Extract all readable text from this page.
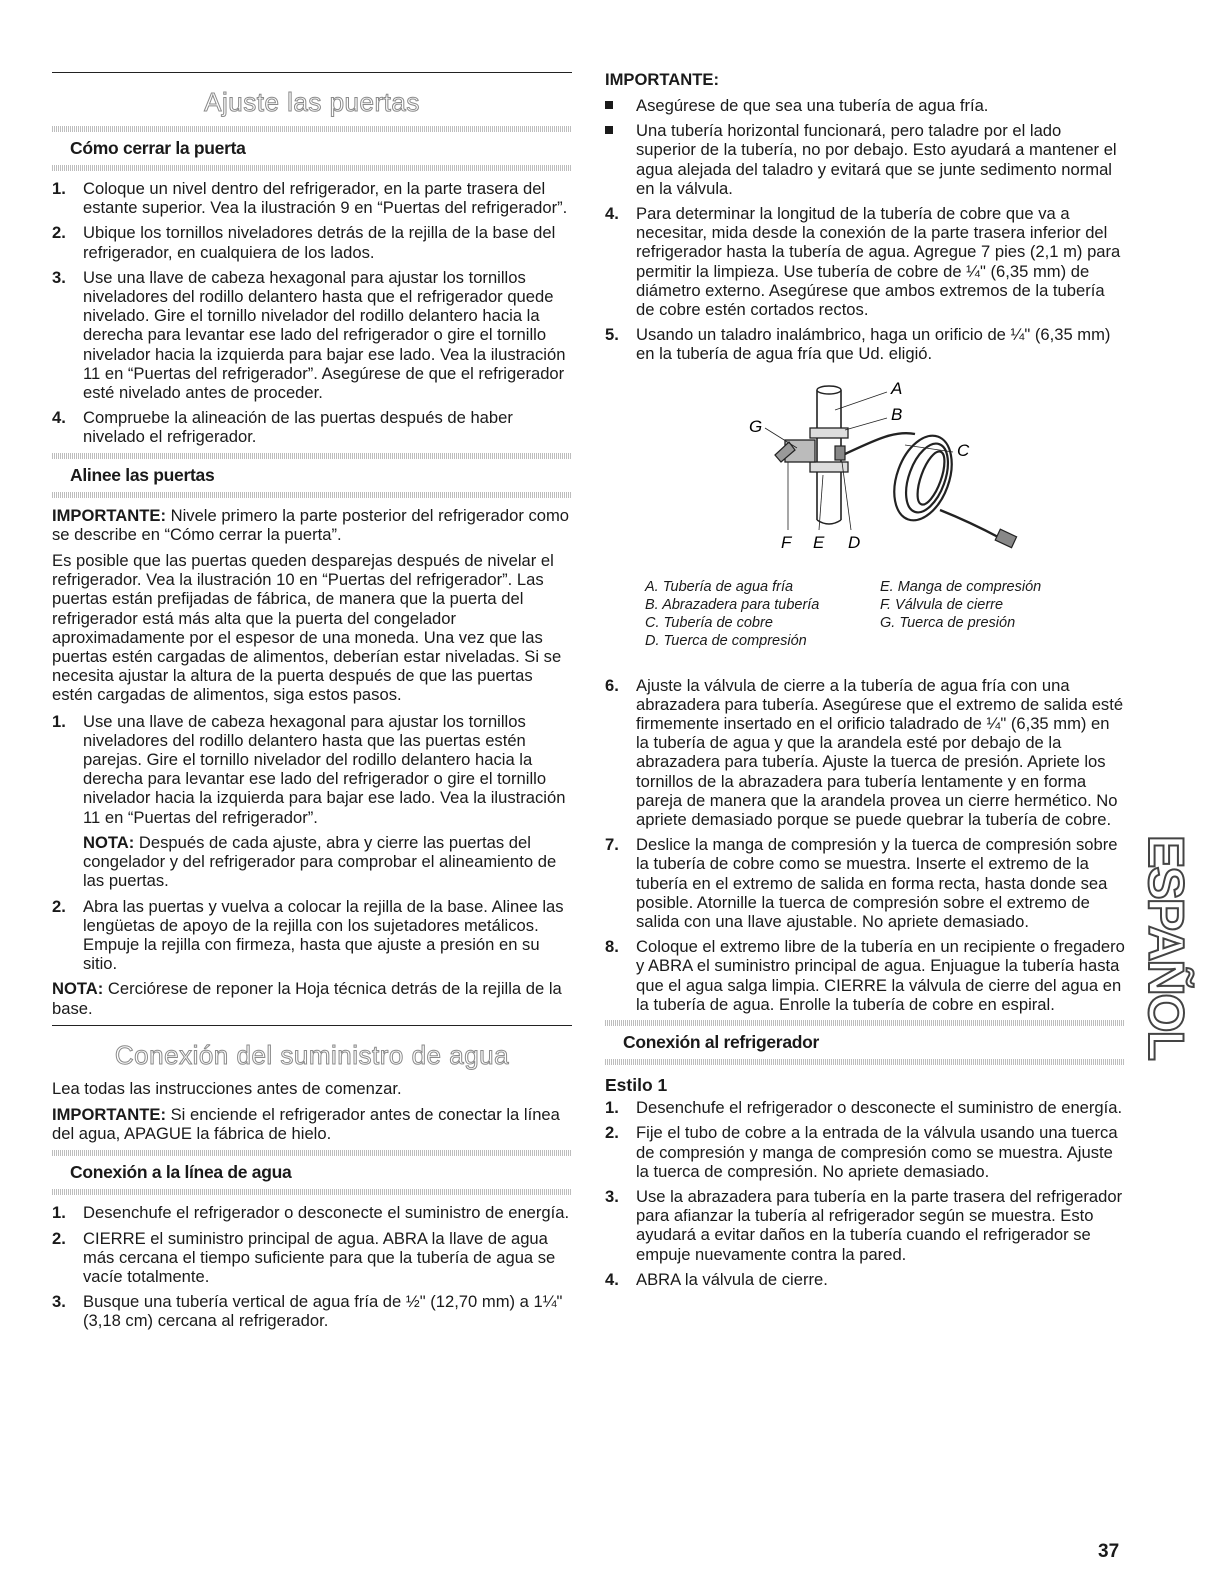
Ajuste las puertas
Cómo cerrar la puerta
1. Coloque un nivel dentro del refrigerador, en la parte trasera del estante superior. Vea la ilustración 9 en “Puertas del refrigerador”.
2. Ubique los tornillos niveladores detrás de la rejilla de la base del refrigerador, en cualquiera de los lados.
3. Use una llave de cabeza hexagonal para ajustar los tornillos niveladores del rodillo delantero hasta que el refrigerador quede nivelado. Gire el tornillo nivelador del rodillo delantero hacia la derecha para levantar ese lado del refrigerador o gire el tornillo nivelador hacia la izquierda para bajar ese lado. Vea la ilustración 11 en “Puertas del refrigerador”. Asegúrese de que el refrigerador esté nivelado antes de proceder.
4. Compruebe la alineación de las puertas después de haber nivelado el refrigerador.
Alinee las puertas

IMPORTANTE: Nivele primero la parte posterior del refrigerador como se describe en “Cómo cerrar la puerta”.

Es posible que las puertas queden desparejas después de nivelar el refrigerador. Vea la ilustración 10 en “Puertas del refrigerador”. Las puertas están prefijadas de fábrica, de manera que la puerta del refrigerador está más alta que la puerta del congelador aproximadamente por el espesor de una moneda. Una vez que las puertas estén cargadas de alimentos, deberían estar niveladas. Si se necesita ajustar la altura de la puerta después de que las puertas estén cargadas de alimentos, siga estos pasos.

1. Use una llave de cabeza hexagonal para ajustar los tornillos niveladores del rodillo delantero hasta que las puertas estén parejas. Gire el tornillo nivelador del rodillo delantero hacia la derecha para levantar ese lado del refrigerador o gire el tornillo nivelador hacia la izquierda para bajar ese lado. Vea la ilustración 11 en “Puertas del refrigerador”.
NOTA: Después de cada ajuste, abra y cierre las puertas del congelador y del refrigerador para comprobar el alineamiento de las puertas.
2. Abra las puertas y vuelva a colocar la rejilla de la base. Alinee las lengüetas de apoyo de la rejilla con los sujetadores metálicos. Empuje la rejilla con firmeza, hasta que ajuste a presión en su sitio.

NOTA: Cerciórese de reponer la Hoja técnica detrás de la rejilla de la base.

Conexión del suministro de agua

Lea todas las instrucciones antes de comenzar.

IMPORTANTE: Si enciende el refrigerador antes de conectar la línea del agua, APAGUE la fábrica de hielo.

Conexión a la línea de agua
1. Desenchufe el refrigerador o desconecte el suministro de energía.
2. CIERRE el suministro principal de agua. ABRA la llave de agua más cercana el tiempo suficiente para que la tubería de agua se vacíe totalmente.
3. Busque una tubería vertical de agua fría de ½" (12,70 mm) a 1¼" (3,18 cm) cercana al refrigerador.
IMPORTANTE:
Asegúrese de que sea una tubería de agua fría.
Una tubería horizontal funcionará, pero taladre por el lado superior de la tubería, no por debajo. Esto ayudará a mantener el agua alejada del taladro y evitará que se junte sedimento normal en la válvula.
4. Para determinar la longitud de la tubería de cobre que va a necesitar, mida desde la conexión de la parte trasera inferior del refrigerador hasta la tubería de agua. Agregue 7 pies (2,1 m) para permitir la limpieza. Use tubería de cobre de ¼" (6,35 mm) de diámetro externo. Asegúrese que ambos extremos de la tubería de cobre estén cortados rectos.
5. Usando un taladro inalámbrico, haga un orificio de ¼" (6,35 mm) en la tubería de agua fría que Ud. eligió.
A
B
C
D
E
F
G
A. Tubería de agua fría
B. Abrazadera para tubería
C. Tubería de cobre
D. Tuerca de compresión
E. Manga de compresión
F. Válvula de cierre
G. Tuerca de presión
6. Ajuste la válvula de cierre a la tubería de agua fría con una abrazadera para tubería. Asegúrese que el extremo de salida esté firmemente insertado en el orificio taladrado de ¼" (6,35 mm) en la tubería de agua y que la arandela esté por debajo de la abrazadera para tubería. Ajuste la tuerca de presión. Apriete los tornillos de la abrazadera para tubería lentamente y en forma pareja de manera que la arandela provea un cierre hermético. No apriete demasiado porque se puede quebrar la tubería de cobre.
7. Deslice la manga de compresión y la tuerca de compresión sobre la tubería de cobre como se muestra. Inserte el extremo de la tubería en el extremo de salida en forma recta, hasta donde sea posible. Atornille la tuerca de compresión sobre el extremo de salida con una llave ajustable. No apriete demasiado.
8. Coloque el extremo libre de la tubería en un recipiente o fregadero y ABRA el suministro principal de agua. Enjuague la tubería hasta que el agua salga limpia. CIERRE la válvula de cierre del agua en la tubería de agua. Enrolle la tubería de cobre en espiral.
Conexión al refrigerador
Estilo 1
1. Desenchufe el refrigerador o desconecte el suministro de energía.
2. Fije el tubo de cobre a la entrada de la válvula usando una tuerca de compresión y manga de compresión como se muestra. Ajuste la tuerca de compresión. No apriete demasiado.
3. Use la abrazadera para tubería en la parte trasera del refrigerador para afianzar la tubería al refrigerador según se muestra. Esto ayudará a evitar daños en la tubería cuando el refrigerador se empuje nuevamente contra la pared.
4. ABRA la válvula de cierre.
ESPAÑOL
37
